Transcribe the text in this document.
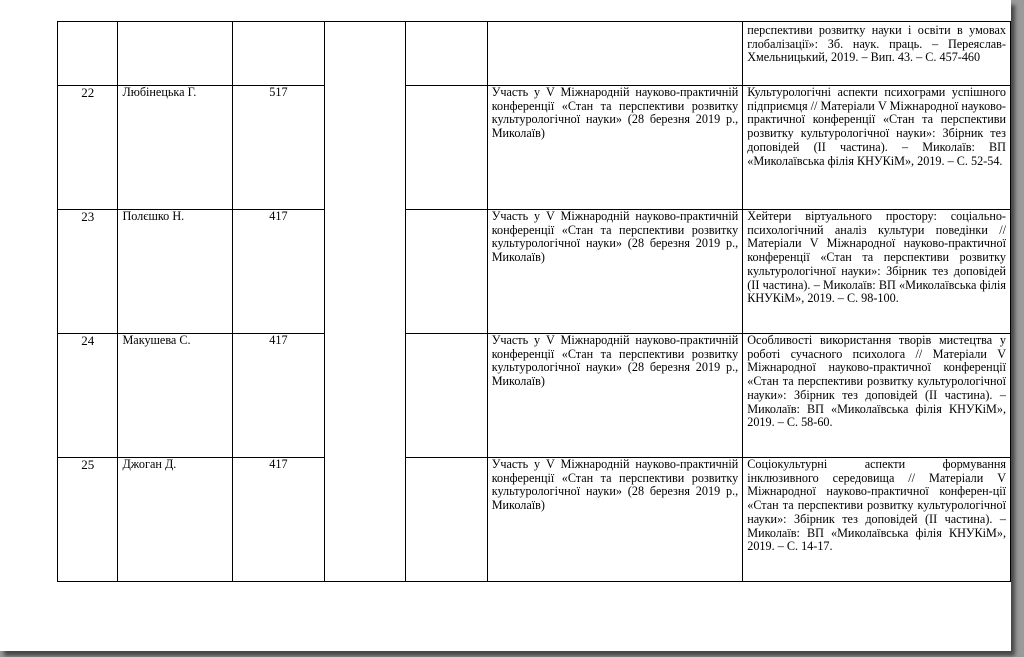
						перспективи розвитку науки і освіти в умовах глобалізації»: Зб. наук. праць. – Переяслав-Хмельницький, 2019. – Вип. 43. – С. 457-460

22	Любінецька Г.	517			Участь у V Міжнародній науково-практичній конференції «Стан та перспективи розвитку культурологічної науки» (28 березня 2019 р., Миколаїв)	Культурологічні аспекти психограми успішного підприємця // Матеріали V Міжнародної науково-практичної конференції «Стан та перспективи розвитку культурологічної науки»: Збірник тез доповідей (ІІ частина). – Миколаїв: ВП «Миколаївська філія КНУКіМ», 2019. – С. 52-54.

23	Полєшко Н.	417			Участь у V Міжнародній науково-практичній конференції «Стан та перспективи розвитку культурологічної науки» (28 березня 2019 р., Миколаїв)	Хейтери віртуального простору: соціально-психологічний аналіз культури поведінки // Матеріали V Міжнародної науково-практичної конференції «Стан та перспективи розвитку культурологічної науки»: Збірник тез доповідей (ІІ частина). – Миколаїв: ВП «Миколаївська філія КНУКіМ», 2019. – С. 98-100.

24	Макушева С.	417			Участь у V Міжнародній науково-практичній конференції «Стан та перспективи розвитку культурологічної науки» (28 березня 2019 р., Миколаїв)	Особливості використання творів мистецтва у роботі сучасного психолога // Матеріали V Міжнародної науково-практичної конференції «Стан та перспективи розвитку культурологічної науки»: Збірник тез доповідей (ІІ частина). – Миколаїв: ВП «Миколаївська філія КНУКіМ», 2019. – С. 58-60.

25	Джоган Д.	417			Участь у V Міжнародній науково-практичній конференції «Стан та перспективи розвитку культурологічної науки» (28 березня 2019 р., Миколаїв)	Соціокультурні аспекти формування інклюзивного середовища // Матеріали V Міжнародної науково-практичної конферен-ції «Стан та перспективи розвитку культурологічної науки»: Збірник тез доповідей (ІІ частина). – Миколаїв: ВП «Миколаївська філія КНУКіМ», 2019. – С. 14-17.
